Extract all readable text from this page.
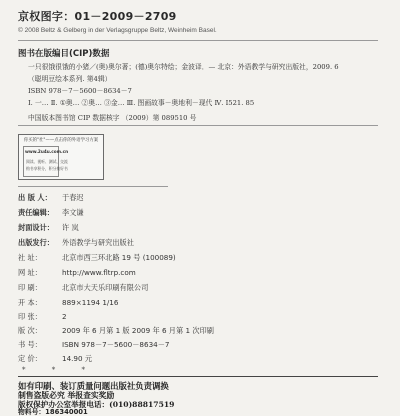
京权图字：01－2009－2709
© 2008 Beltz & Gelberg in der Verlagsgruppe Beltz, Weinheim Basel.
图书在版编目(CIP)数据
一只很饿很饿的小猪／(奥)奥尔著；(德)奥尔特绘；金波译．— 北京：外语教学与研究出版社，2009. 6
（聪明豆绘本系列. 第4辑）
ISBN 978－7－5600－8634－7
Ⅰ. 一… Ⅱ. ①奥… ②奥… ③金… Ⅲ. 图画故事－奥地利－现代 Ⅳ. I521. 85
中国版本图书馆 CIP 数据核字 （2009）第 089510 号
你买的"社"——点击你的外语学习方案
www.2u4u.com.cn
阅读、视听、测试、交流
购书享积分，积分换好书
出 版 人： 于春迟
责任编辑： 李文谦
封面设计： 许 岚
出版发行： 外语教学与研究出版社
社 址：	北京市西三环北路 19 号 (100089)
网 址：	http://www.fltrp.com
印 刷：	北京市大天乐印刷有限公司
开 本：	889×1194 1/16
印 张：	2
版 次：	2009 年 6 月第 1 版 2009 年 6 月第 1 次印刷
书 号：	ISBN 978－7－5600－8634－7
定 价：	14.90 元
* * *
如有印刷、装订质量问题出版社负责调换
制售盗版必究 举报查实奖励
版权保护办公室举报电话：(010)88817519
物料号：186340001
